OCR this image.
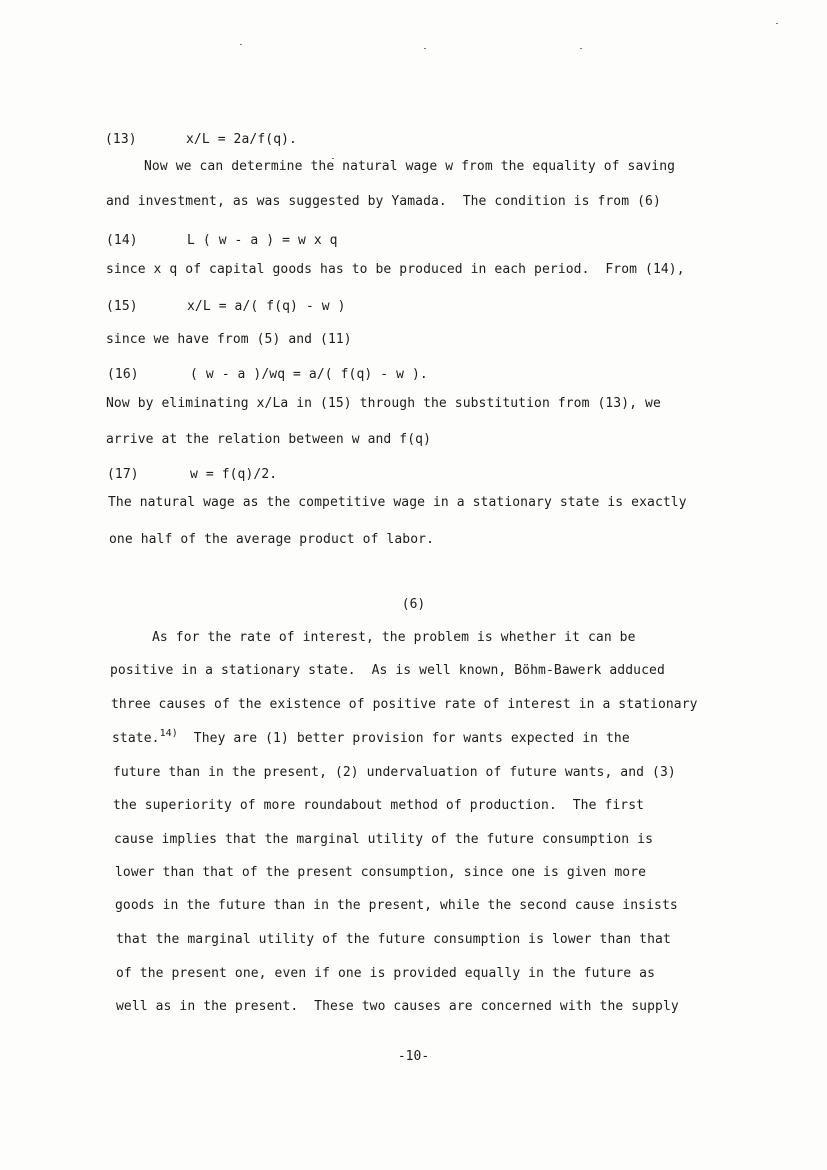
(13)

	x/L = 2a/f(q).

Now we can determine the natural wage w from the equality of saving
and investment, as was suggested by Yamada.  The condition is from (6)

(14)

	L ( w - a ) = w x q

since x q of capital goods has to be produced in each period.  From (14),

(15)

	x/L = a/( f(q) - w )

since we have from (5) and (11)

(16)

	( w - a )/wq = a/( f(q) - w ).

Now by eliminating x/La in (15) through the substitution from (13), we
arrive at the relation between w and f(q)

(17)

	w = f(q)/2.

The natural wage as the competitive wage in a stationary state is exactly
one half of the average product of labor.
(6)
As for the rate of interest, the problem is whether it can be
positive in a stationary state.  As is well known, Böhm-Bawerk adduced
three causes of the existence of positive rate of interest in a stationary
state.$^{14)}$  They are (1) better provision for wants expected in the
future than in the present, (2) undervaluation of future wants, and (3)
the superiority of more roundabout method of production.  The first
cause implies that the marginal utility of the future consumption is
lower than that of the present consumption, since one is given more
goods in the future than in the present, while the second cause insists
that the marginal utility of the future consumption is lower than that
of the present one, even if one is provided equally in the future as
well as in the present.  These two causes are concerned with the supply
-10-
